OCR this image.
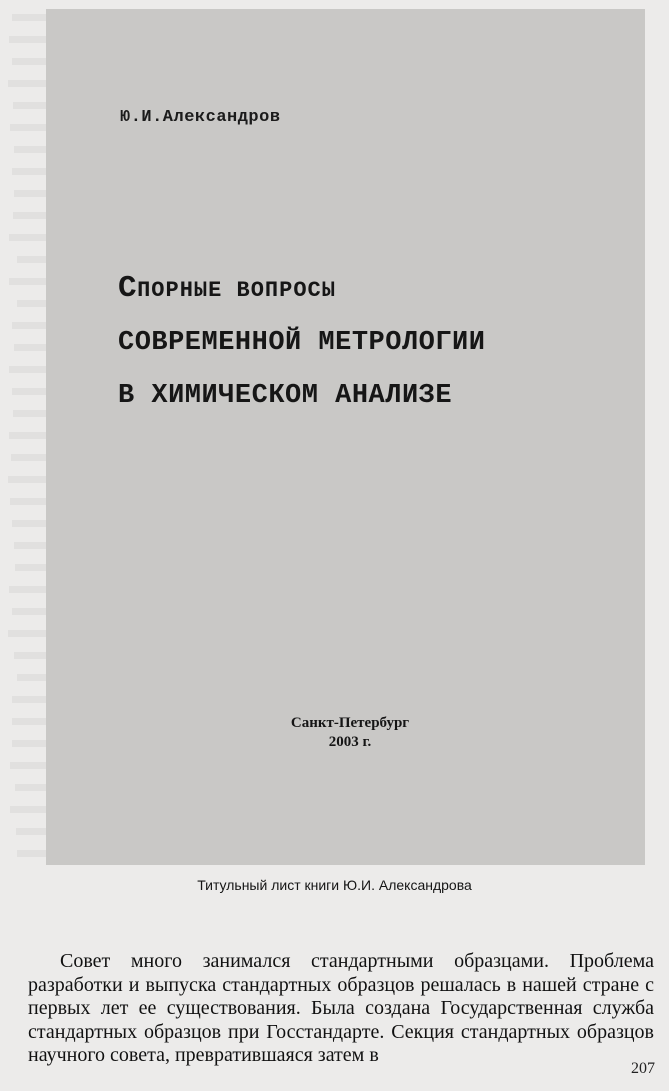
Ю.И.Александров
СПОРНЫЕ ВОПРОСЫ
СОВРЕМЕННОЙ МЕТРОЛОГИИ
В ХИМИЧЕСКОМ АНАЛИЗЕ
Санкт-Петербург
2003 г.
Титульный лист книги Ю.И. Александрова

Совет много занимался стандартными образцами. Проблема разработки и выпуска стандартных образцов решалась в нашей стране с первых лет ее существования. Была создана Государственная служба стандартных образцов при Госстандарте. Секция стандартных образцов научного совета, превратившаяся затем в

207
